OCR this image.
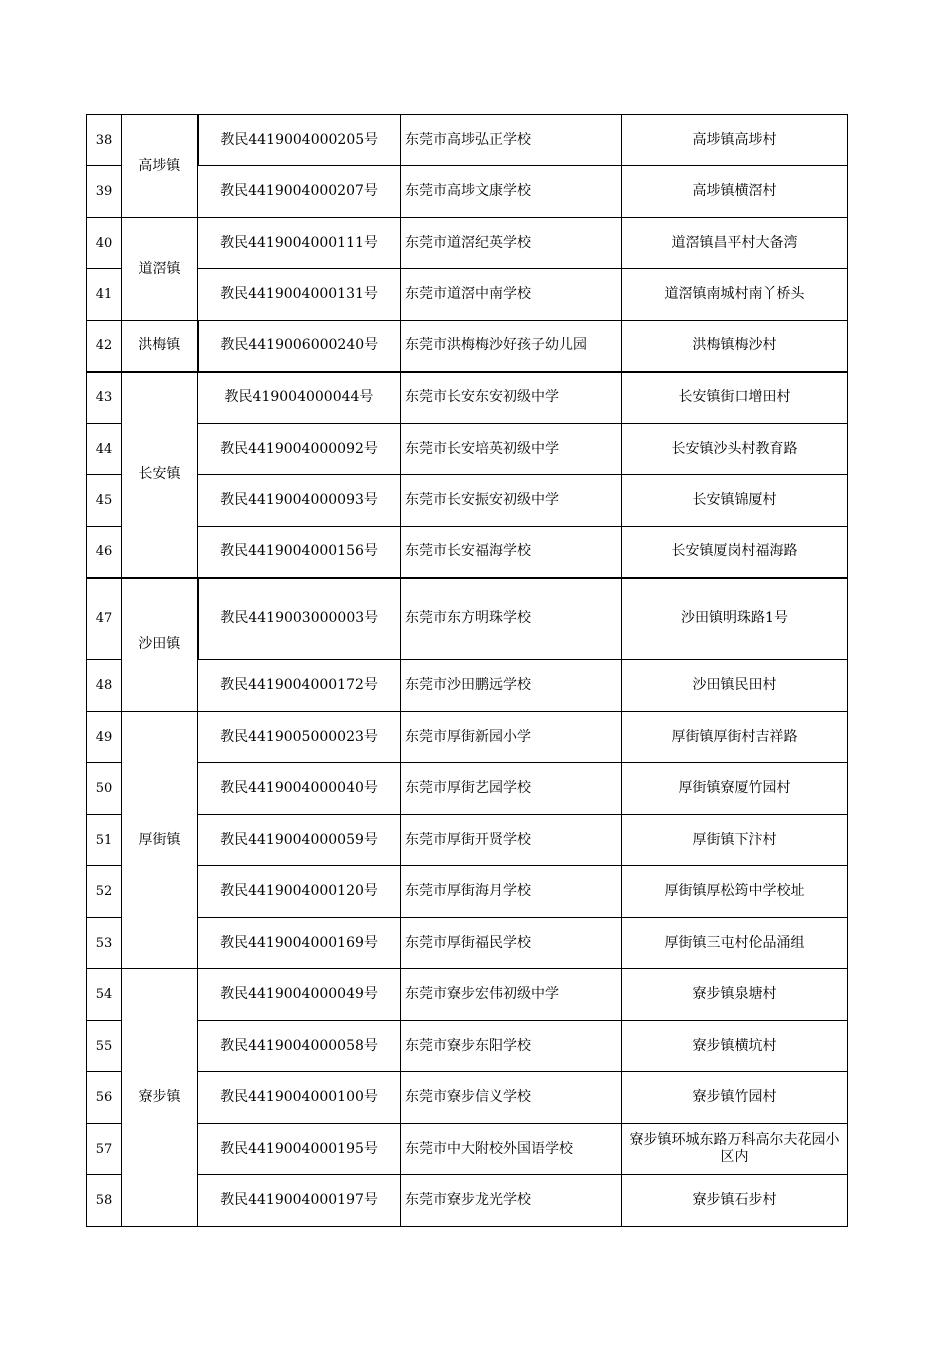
38	高埗镇	教民4419004000205号	东莞市高埗弘正学校	高埗镇高埗村
39		教民4419004000207号	东莞市高埗文康学校	高埗镇横滘村
40	道滘镇	教民4419004000111号	东莞市道滘纪英学校	道滘镇昌平村大备湾
41		教民4419004000131号	东莞市道滘中南学校	道滘镇南城村南丫桥头
42	洪梅镇	教民4419006000240号	东莞市洪梅梅沙好孩子幼儿园	洪梅镇梅沙村
43	长安镇	教民419004000044号	东莞市长安东安初级中学	长安镇街口增田村
44		教民4419004000092号	东莞市长安培英初级中学	长安镇沙头村教育路
45		教民4419004000093号	东莞市长安振安初级中学	长安镇锦厦村
46		教民4419004000156号	东莞市长安福海学校	长安镇厦岗村福海路
47	沙田镇	教民4419003000003号	东莞市东方明珠学校	沙田镇明珠路1号
48		教民4419004000172号	东莞市沙田鹏远学校	沙田镇民田村
49	厚街镇	教民4419005000023号	东莞市厚街新园小学	厚街镇厚街村吉祥路
50		教民4419004000040号	东莞市厚街艺园学校	厚街镇寮厦竹园村
51		教民4419004000059号	东莞市厚街开贤学校	厚街镇下汴村
52		教民4419004000120号	东莞市厚街海月学校	厚街镇厚松筠中学校址
53		教民4419004000169号	东莞市厚街福民学校	厚街镇三屯村伦品涌组
54	寮步镇	教民4419004000049号	东莞市寮步宏伟初级中学	寮步镇泉塘村
55		教民4419004000058号	东莞市寮步东阳学校	寮步镇横坑村
56		教民4419004000100号	东莞市寮步信义学校	寮步镇竹园村
57		教民4419004000195号	东莞市中大附校外国语学校	寮步镇环城东路万科高尔夫花园小区内
58		教民4419004000197号	东莞市寮步龙光学校	寮步镇石步村
